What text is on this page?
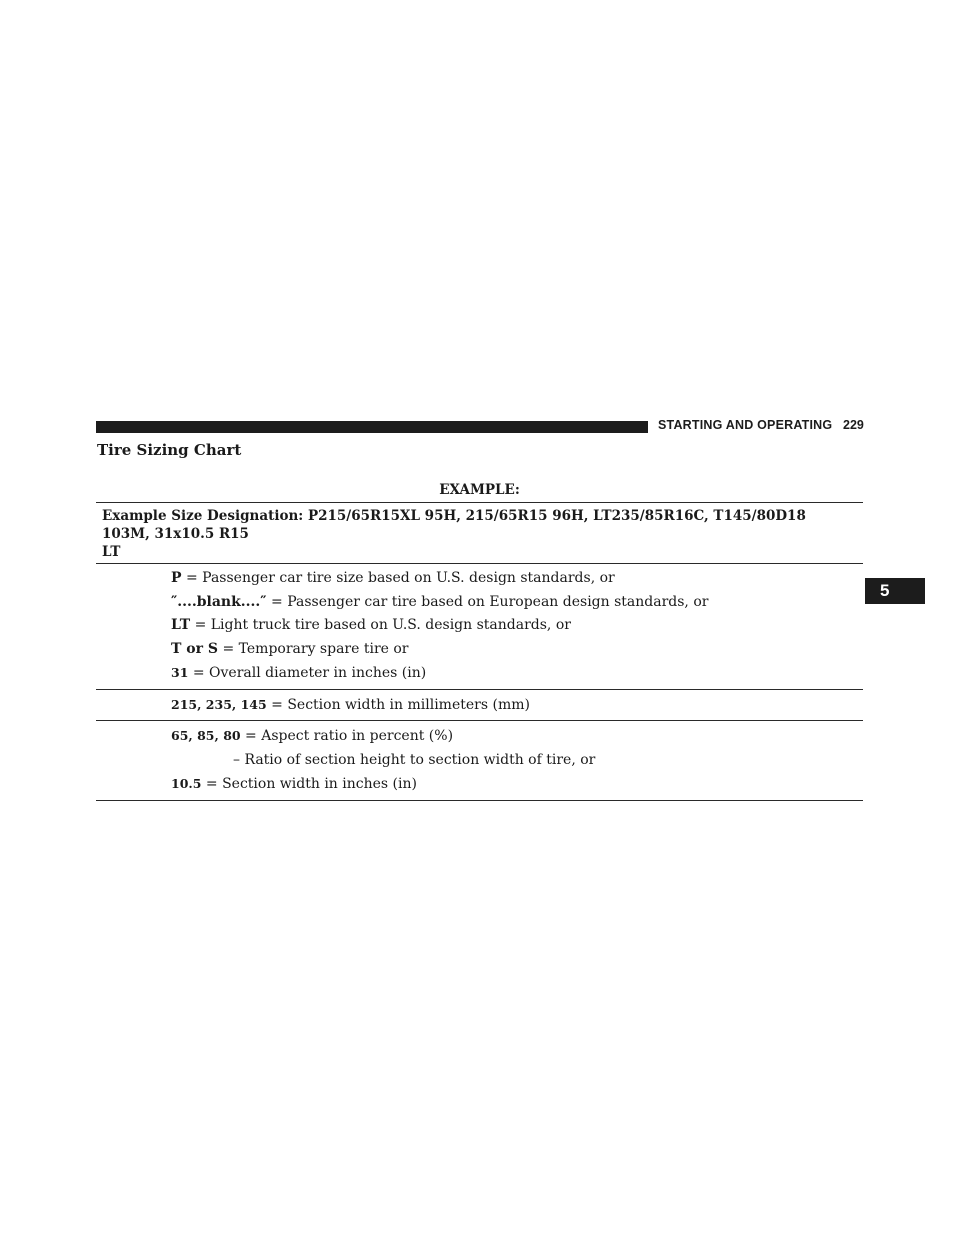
STARTING AND OPERATING 229
5
Tire Sizing Chart
EXAMPLE:
Example Size Designation: P215/65R15XL 95H, 215/65R15 96H, LT235/85R16C, T145/80D18 103M, 31x10.5 R15
LT
P = Passenger car tire size based on U.S. design standards, or
″....blank....″ = Passenger car tire based on European design standards, or
LT = Light truck tire based on U.S. design standards, or
T or S = Temporary spare tire or
31 = Overall diameter in inches (in)
215, 235, 145 = Section width in millimeters (mm)
65, 85, 80 = Aspect ratio in percent (%)
– Ratio of section height to section width of tire, or
10.5 = Section width in inches (in)
